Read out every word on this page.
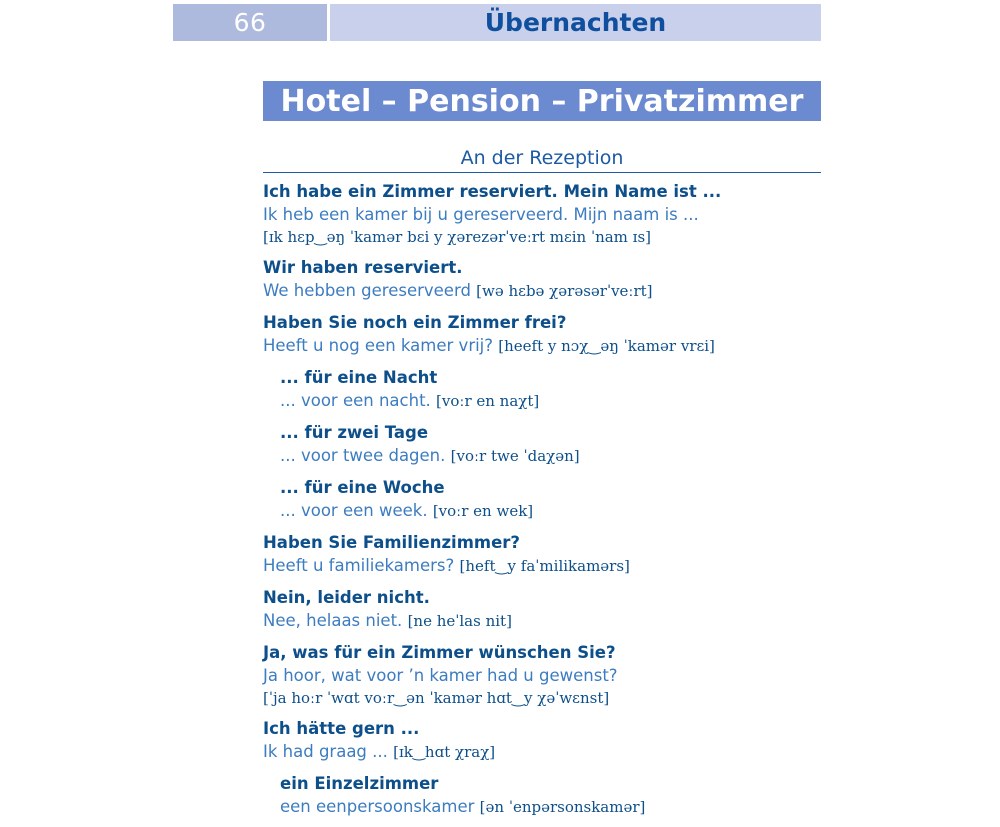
66	Übernachten
Hotel – Pension – Privatzimmer
An der Rezeption
Ich habe ein Zimmer reserviert. Mein Name ist ...
Ik heb een kamer bij u gereserveerd. Mijn naam is ...
[ɪk hɛp‿əŋ ˈkamər bɛi y χərezərˈveːrt mɛin ˈnam ɪs]
Wir haben reserviert.
We hebben gereserveerd [wə hɛbə χərəsərˈveːrt]
Haben Sie noch ein Zimmer frei?
Heeft u nog een kamer vrij? [heeft y nɔχ‿əŋ ˈkamər vrɛi]
... für eine Nacht
... voor een nacht. [voːr en naχt]
... für zwei Tage
... voor twee dagen. [voːr twe ˈdaχən]
... für eine Woche
... voor een week. [voːr en wek]
Haben Sie Familienzimmer?
Heeft u familiekamers? [heft‿y faˈmilikamərs]
Nein, leider nicht.
Nee, helaas niet. [ne heˈlas nit]
Ja, was für ein Zimmer wünschen Sie?
Ja hoor, wat voor ’n kamer had u gewenst?
[ˈja hoːr ˈwɑt voːr‿ən ˈkamər hɑt‿y χəˈwɛnst]
Ich hätte gern ...
Ik had graag ... [ɪk‿hɑt χraχ]
ein Einzelzimmer
een eenpersoonskamer [ən ˈenpərsonskamər]
